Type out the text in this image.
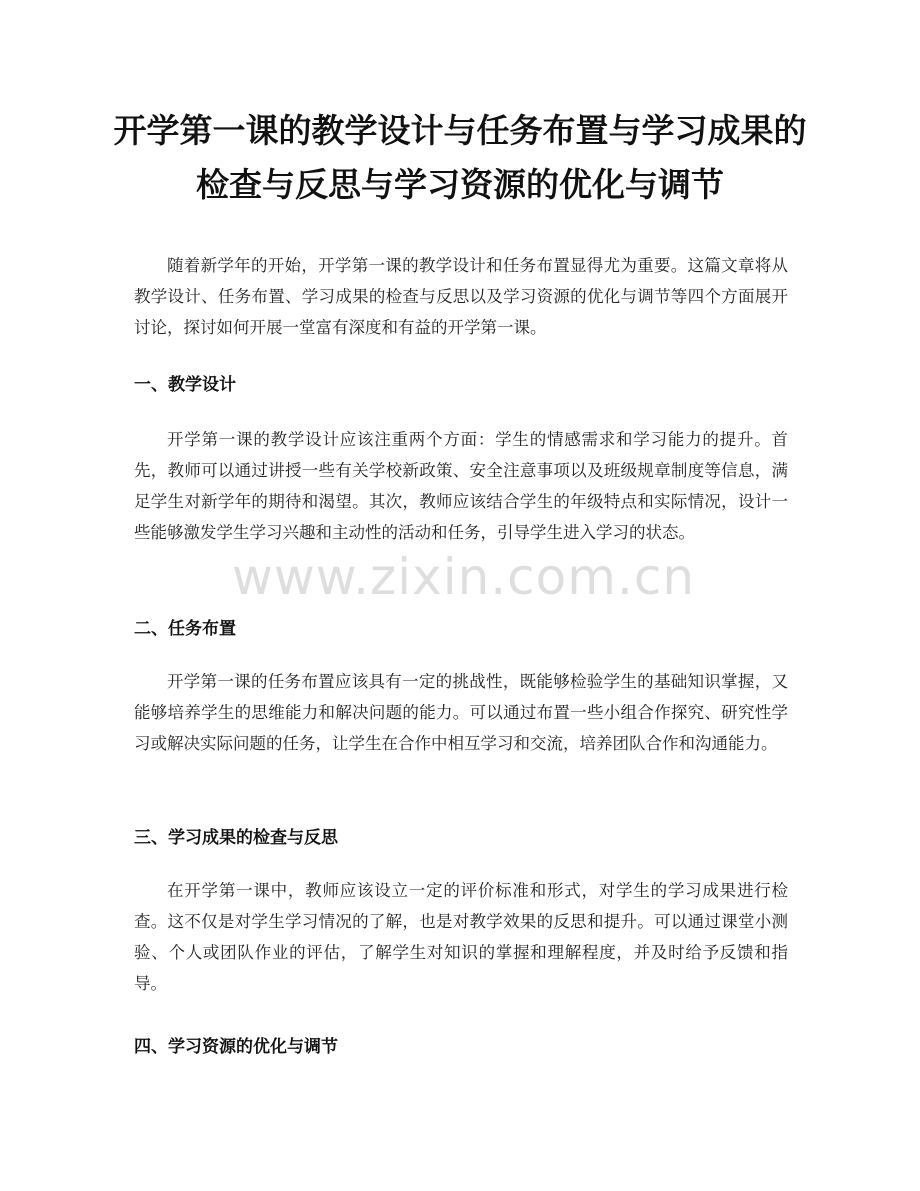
开学第一课的教学设计与任务布置与学习成果的检查与反思与学习资源的优化与调节

随着新学年的开始，开学第一课的教学设计和任务布置显得尤为重要。这篇文章将从教学设计、任务布置、学习成果的检查与反思以及学习资源的优化与调节等四个方面展开讨论，探讨如何开展一堂富有深度和有益的开学第一课。

一、教学设计

开学第一课的教学设计应该注重两个方面：学生的情感需求和学习能力的提升。首先，教师可以通过讲授一些有关学校新政策、安全注意事项以及班级规章制度等信息，满足学生对新学年的期待和渴望。其次，教师应该结合学生的年级特点和实际情况，设计一些能够激发学生学习兴趣和主动性的活动和任务，引导学生进入学习的状态。

二、任务布置

开学第一课的任务布置应该具有一定的挑战性，既能够检验学生的基础知识掌握，又能够培养学生的思维能力和解决问题的能力。可以通过布置一些小组合作探究、研究性学习或解决实际问题的任务，让学生在合作中相互学习和交流，培养团队合作和沟通能力。

三、学习成果的检查与反思

在开学第一课中，教师应该设立一定的评价标准和形式，对学生的学习成果进行检查。这不仅是对学生学习情况的了解，也是对教学效果的反思和提升。可以通过课堂小测验、个人或团队作业的评估，了解学生对知识的掌握和理解程度，并及时给予反馈和指导。

四、学习资源的优化与调节
www.zixin.com.cn
